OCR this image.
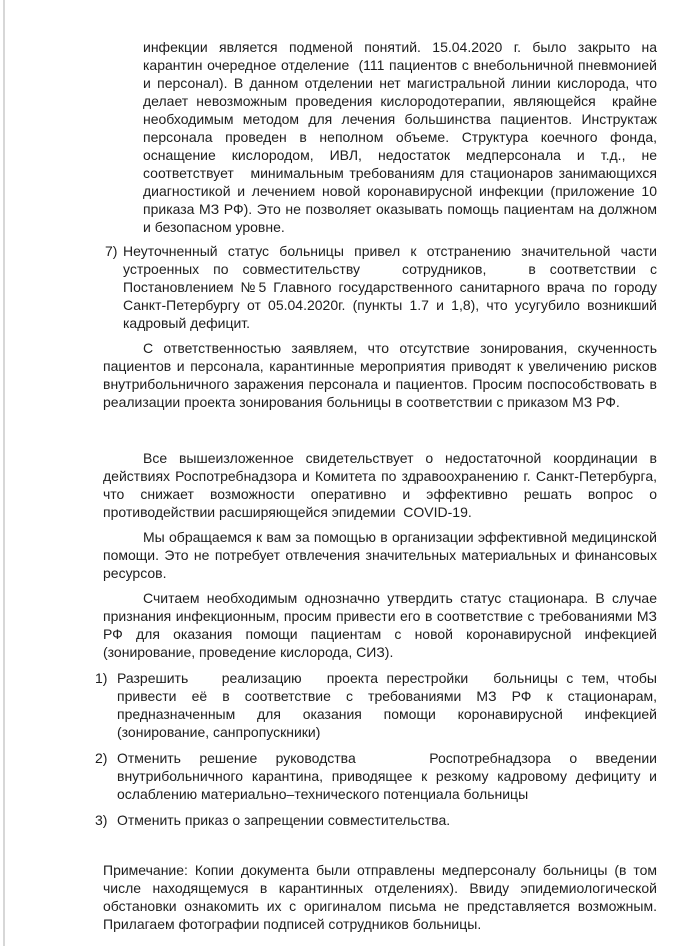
инфекции является подменой понятий. 15.04.2020 г. было закрыто на карантин очередное отделение  (111 пациентов с внебольничной пневмонией и персонал). В данном отделении нет магистральной линии кислорода, что делает невозможным проведения кислородотерапии, являющейся  крайне необходимым методом для лечения большинства пациентов. Инструктаж персонала проведен в неполном объеме. Структура коечного фонда, оснащение кислородом, ИВЛ, недостаток медперсонала и т.д., не соответствует   минимальным требованиям для стационаров занимающихся диагностикой и лечением новой коронавирусной инфекции (приложение 10 приказа МЗ РФ). Это не позволяет оказывать помощь пациентам на должном и безопасном уровне.
7) Неуточненный статус больницы привел к отстранению значительной части устроенных по совместительству   сотрудников,   в соответствии с Постановлением №5 Главного государственного санитарного врача по городу Санкт-Петербургу от 05.04.2020г. (пункты 1.7 и 1,8), что усугубило возникший кадровый дефицит.

С ответственностью заявляем, что отсутствие зонирования, скученность пациентов и персонала, карантинные мероприятия приводят к увеличению рисков внутрибольничного заражения персонала и пациентов. Просим поспособствовать в реализации проекта зонирования больницы в соответствии с приказом МЗ РФ.

Все вышеизложенное свидетельствует о недостаточной координации в действиях Роспотребнадзора и Комитета по здравоохранению г. Санкт-Петербурга, что снижает возможности оперативно и эффективно решать вопрос о противодействии расширяющейся эпидемии  COVID-19.

Мы обращаемся к вам за помощью в организации эффективной медицинской помощи. Это не потребует отвлечения значительных материальных и финансовых ресурсов.

Считаем необходимым однозначно утвердить статус стационара. В случае признания инфекционным, просим привести его в соответствие с требованиями МЗ РФ для оказания помощи пациентам с новой коронавирусной инфекцией (зонирование, проведение кислорода, СИЗ).

1) Разрешить    реализацию   проекта перестройки   больницы с тем, чтобы привести её в соответствие с требованиями МЗ РФ к стационарам, предназначенным для оказания помощи коронавирусной инфекцией (зонирование, санпропускники)
2) Отменить решение руководства    Роспотребнадзора о введении внутрибольничного карантина, приводящее к резкому кадровому дефициту и ослаблению материально–технического потенциала больницы
3) Отменить приказ о запрещении совместительства.

Примечание: Копии документа были отправлены медперсоналу больницы (в том числе находящемуся в карантинных отделениях). Ввиду эпидемиологической обстановки ознакомить их с оригиналом письма не представляется возможным. Прилагаем фотографии подписей сотрудников больницы.
